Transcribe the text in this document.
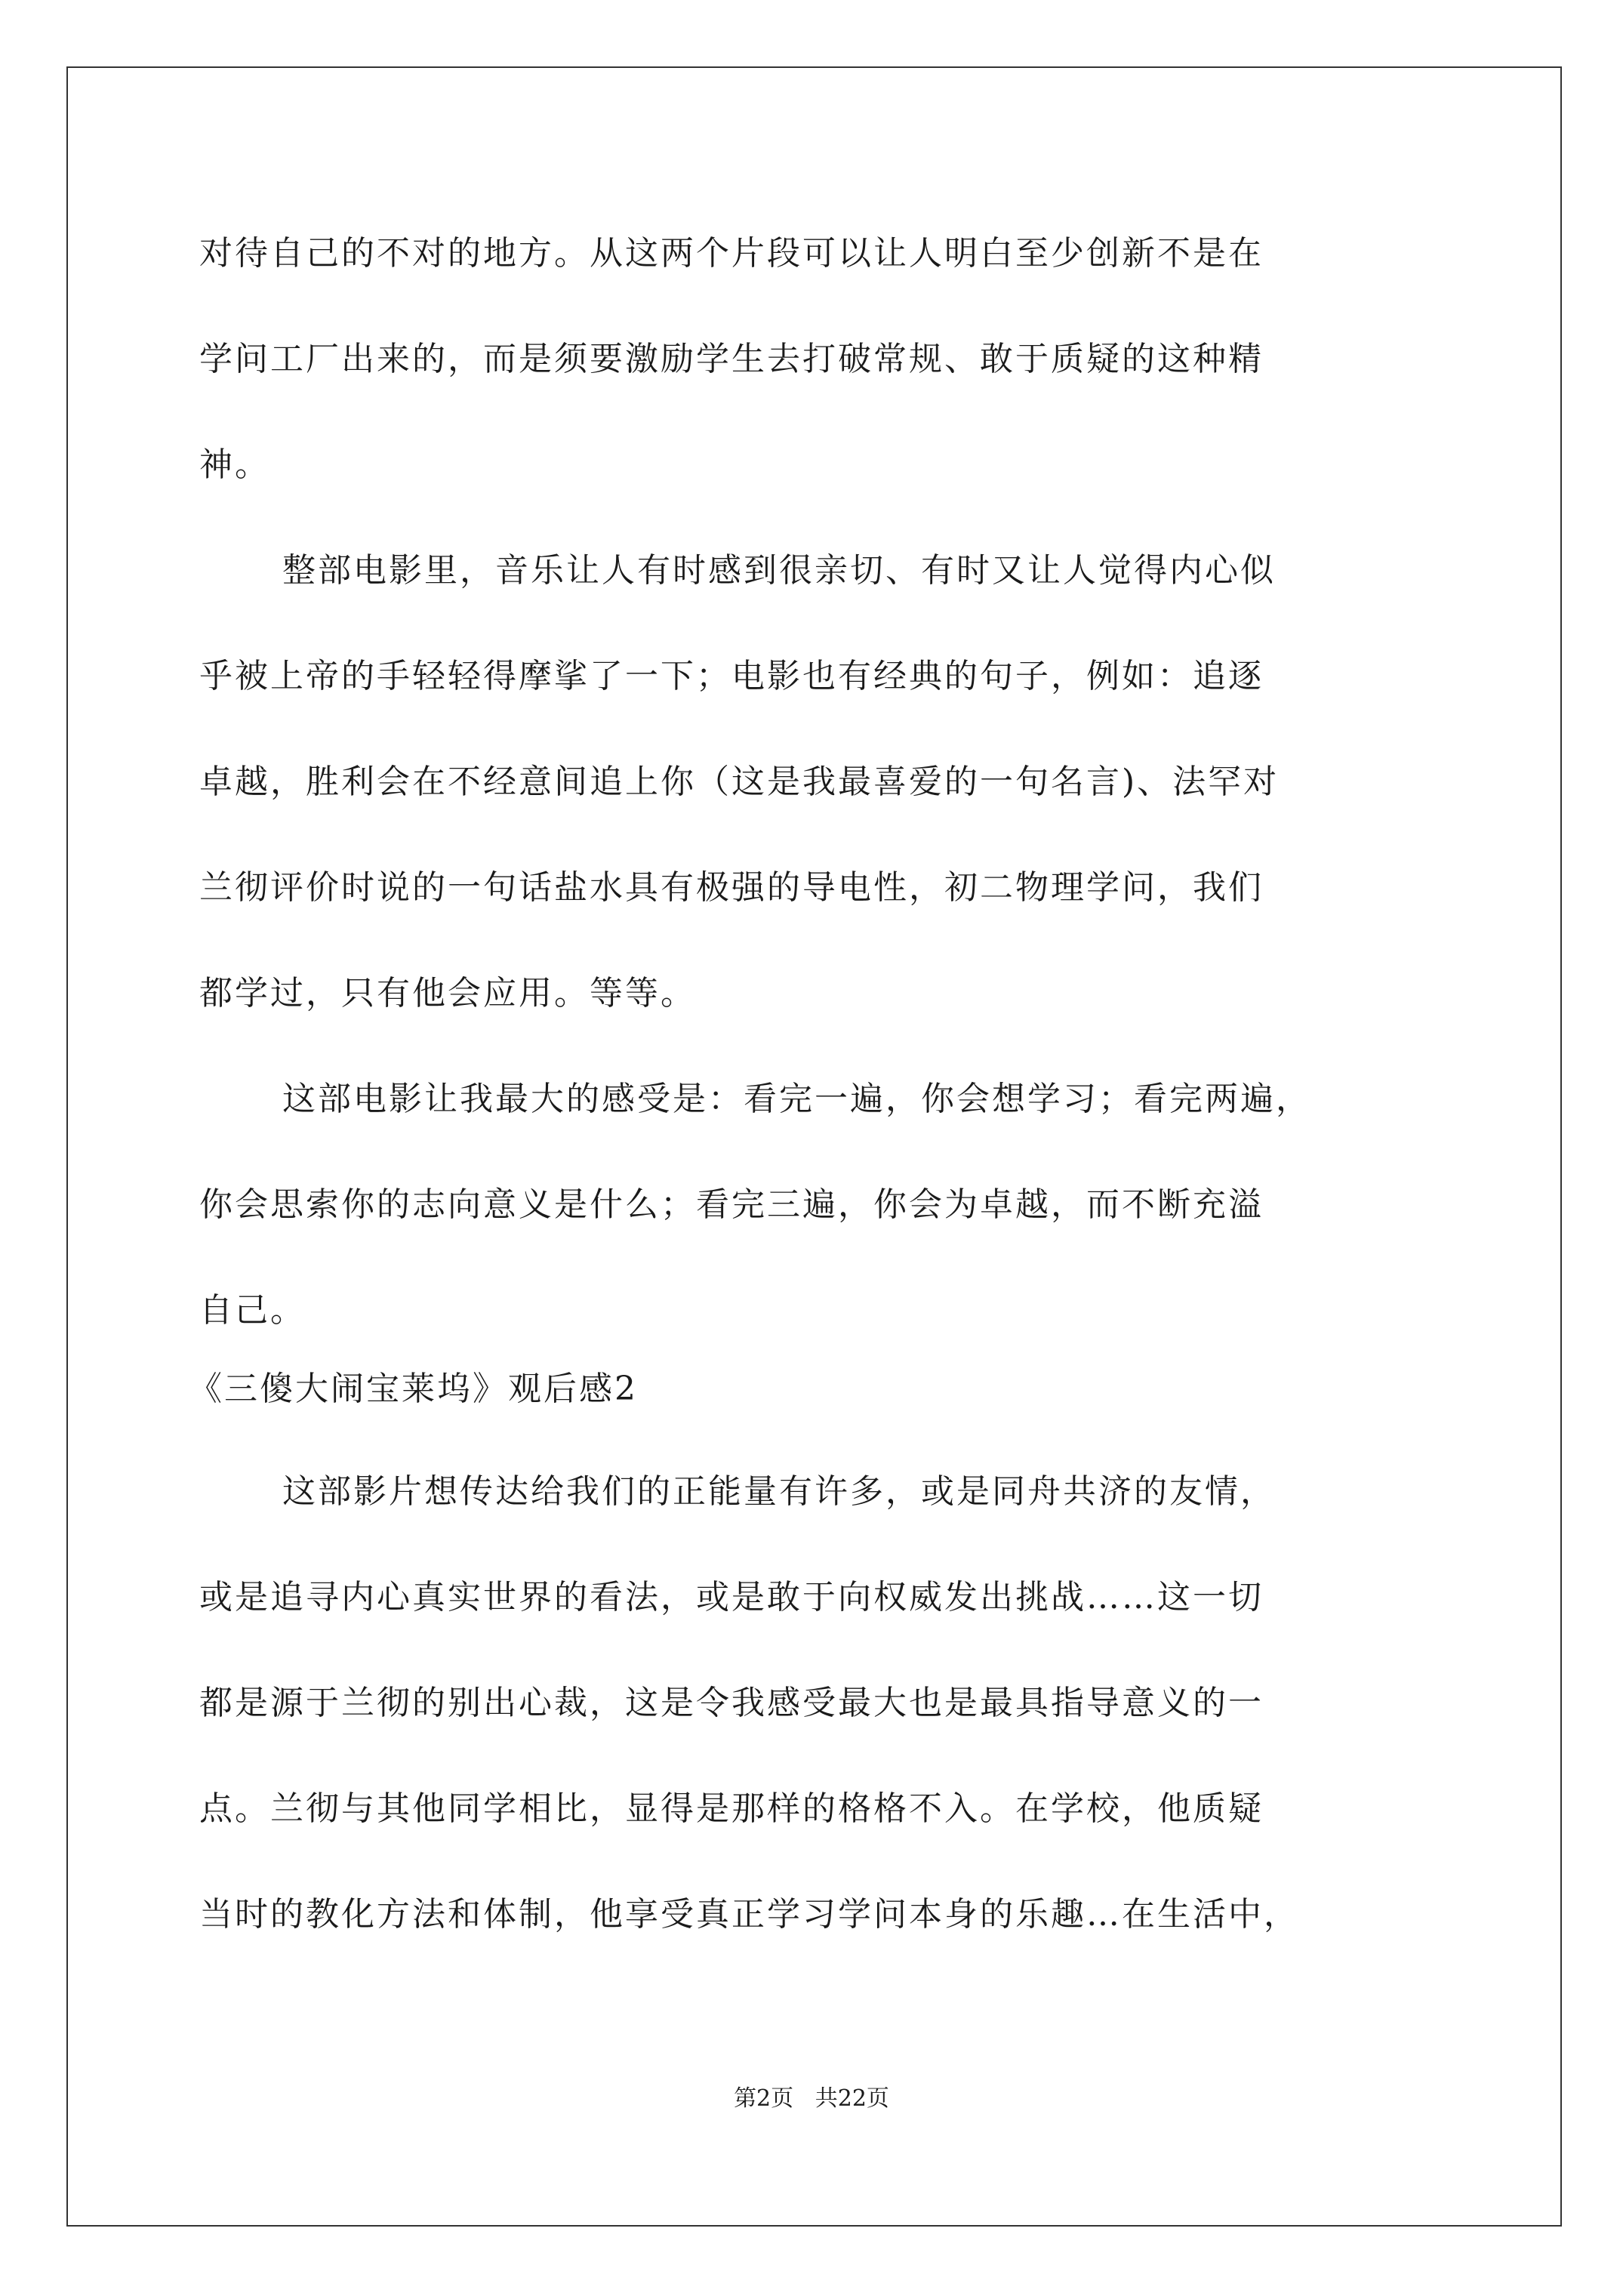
对待自己的不对的地方。从这两个片段可以让人明白至少创新不是在
学问工厂出来的，而是须要激励学生去打破常规、敢于质疑的这种精
神。
整部电影里，音乐让人有时感到很亲切、有时又让人觉得内心似
乎被上帝的手轻轻得摩挲了一下；电影也有经典的句子，例如：追逐
卓越，胜利会在不经意间追上你（这是我最喜爱的一句名言)、法罕对
兰彻评价时说的一句话盐水具有极强的导电性，初二物理学问，我们
都学过，只有他会应用。等等。
这部电影让我最大的感受是：看完一遍，你会想学习；看完两遍，
你会思索你的志向意义是什么；看完三遍，你会为卓越，而不断充溢
自己。
《三傻大闹宝莱坞》观后感2
这部影片想传达给我们的正能量有许多，或是同舟共济的友情，
或是追寻内心真实世界的看法，或是敢于向权威发出挑战……这一切
都是源于兰彻的别出心裁，这是令我感受最大也是最具指导意义的一
点。兰彻与其他同学相比，显得是那样的格格不入。在学校，他质疑
当时的教化方法和体制，他享受真正学习学问本身的乐趣…在生活中，
第2页   共22页
